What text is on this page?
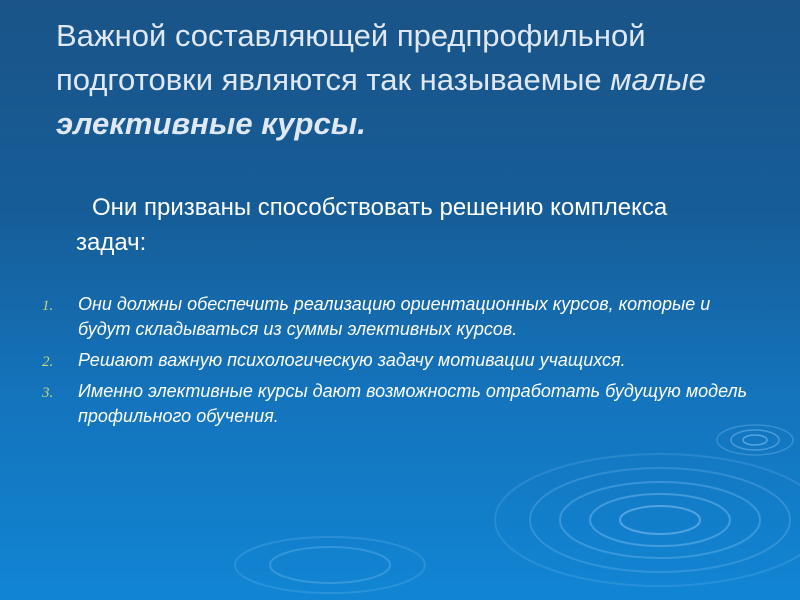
Важной составляющей предпрофильной подготовки являются так называемые малые элективные курсы.

Они призваны способствовать решению комплекса задач:

1. Они должны обеспечить реализацию ориентационных курсов, которые и будут складываться из суммы элективных курсов.
2. Решают важную психологическую задачу мотивации учащихся.
3. Именно элективные курсы дают возможность отработать будущую модель профильного обучения.
